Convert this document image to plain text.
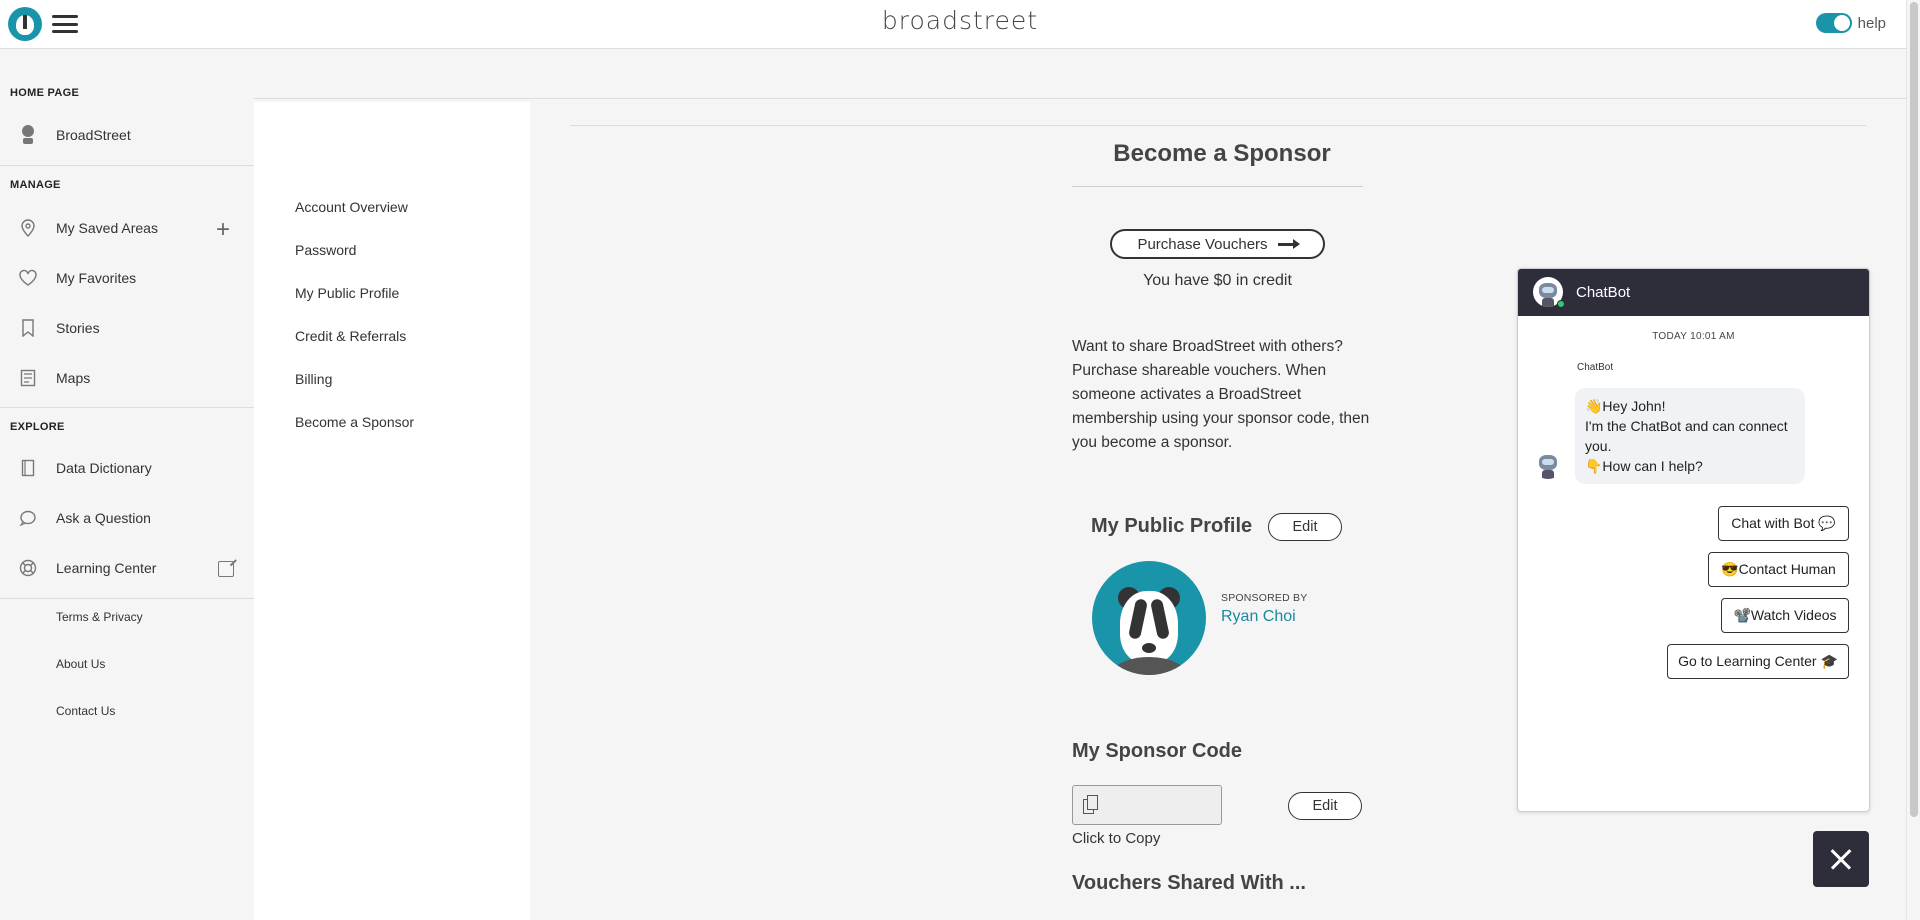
broadstreet	help
HOME PAGE
BroadStreet
MANAGE
My Saved Areas +
My Favorites
Stories
Maps
EXPLORE
Data Dictionary
Ask a Question
Learning Center
Terms & Privacy
About Us
Contact Us
Account Overview
Password
My Public Profile
Credit & Referrals
Billing
Become a Sponsor
Become a Sponsor
Purchase Vouchers
You have $0 in credit
Want to share BroadStreet with others? Purchase shareable vouchers. When someone activates a BroadStreet membership using your sponsor code, then you become a sponsor.
My Public Profile	Edit
SPONSORED BY
Ryan Choi
My Sponsor Code
Edit
Click to Copy
Vouchers Shared With ...
ChatBot
TODAY 10:01 AM
ChatBot
👋Hey John!
I'm the ChatBot and can connect you.
👇How can I help?
Chat with Bot 💬
😎Contact Human
📽️Watch Videos
Go to Learning Center 🎓
